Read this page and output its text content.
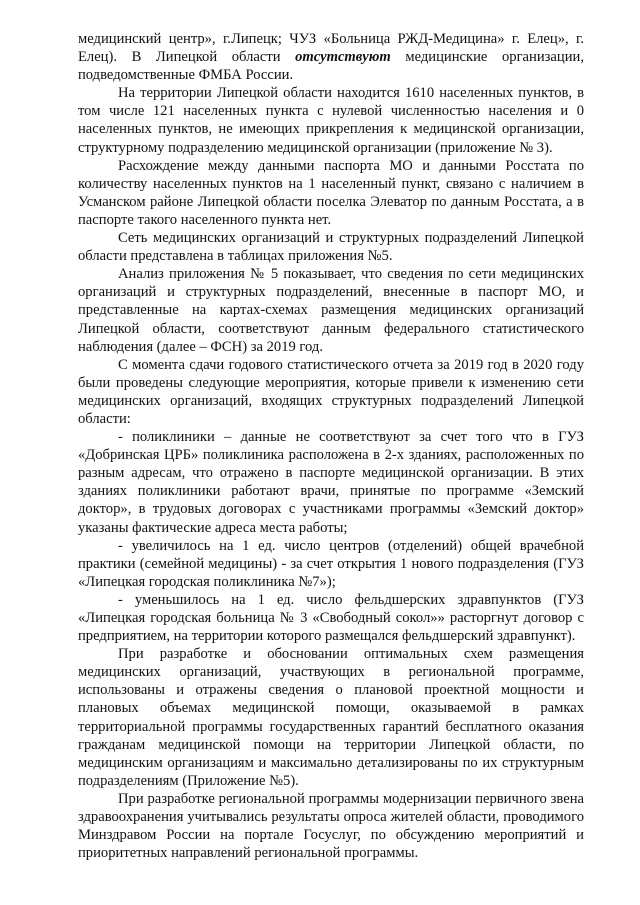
медицинский центр», г.Липецк; ЧУЗ «Больница РЖД-Медицина» г. Елец», г. Елец). В Липецкой области отсутствуют медицинские организации, подведомственные ФМБА России.

На территории Липецкой области находится 1610 населенных пунктов, в том числе 121 населенных пункта с нулевой численностью населения и 0 населенных пунктов, не имеющих прикрепления к медицинской организации, структурному подразделению медицинской организации (приложение № 3).

Расхождение между данными паспорта МО и данными Росстата по количеству населенных пунктов на 1 населенный пункт, связано с наличием в Усманском районе Липецкой области поселка Элеватор по данным Росстата, а в паспорте такого населенного пункта нет.

Сеть медицинских организаций и структурных подразделений Липецкой области представлена в таблицах приложения №5.

Анализ приложения № 5 показывает, что сведения по сети медицинских организаций и структурных подразделений, внесенные в паспорт МО, и представленные на картах-схемах размещения медицинских организаций Липецкой области, соответствуют данным федерального статистического наблюдения (далее – ФСН) за 2019 год.

С момента сдачи годового статистического отчета за 2019 год в 2020 году были проведены следующие мероприятия, которые привели к изменению сети медицинских организаций, входящих структурных подразделений Липецкой области:

- поликлиники – данные не соответствуют за счет того что в ГУЗ «Добринская ЦРБ» поликлиника расположена в 2-х зданиях, расположенных по разным адресам, что отражено в паспорте медицинской организации. В этих зданиях поликлиники работают врачи, принятые по программе «Земский доктор», в трудовых договорах с участниками программы «Земский доктор» указаны фактические адреса места работы;

- увеличилось на 1 ед. число центров (отделений) общей врачебной практики (семейной медицины) - за счет открытия 1 нового подразделения (ГУЗ «Липецкая городская поликлиника №7»);

- уменьшилось на 1 ед. число фельдшерских здравпунктов (ГУЗ «Липецкая городская больница № 3 «Свободный сокол»» расторгнут договор с предприятием, на территории которого размещался фельдшерский здравпункт).

При разработке и обосновании оптимальных схем размещения медицинских организаций, участвующих в региональной программе, использованы и отражены сведения о плановой проектной мощности и плановых объемах медицинской помощи, оказываемой в рамках территориальной программы государственных гарантий бесплатного оказания гражданам медицинской помощи на территории Липецкой области, по медицинским организациям и максимально детализированы по их структурным подразделениям (Приложение №5).

При разработке региональной программы модернизации первичного звена здравоохранения учитывались результаты опроса жителей области, проводимого Минздравом России на портале Госуслуг, по обсуждению мероприятий и приоритетных направлений региональной программы.
